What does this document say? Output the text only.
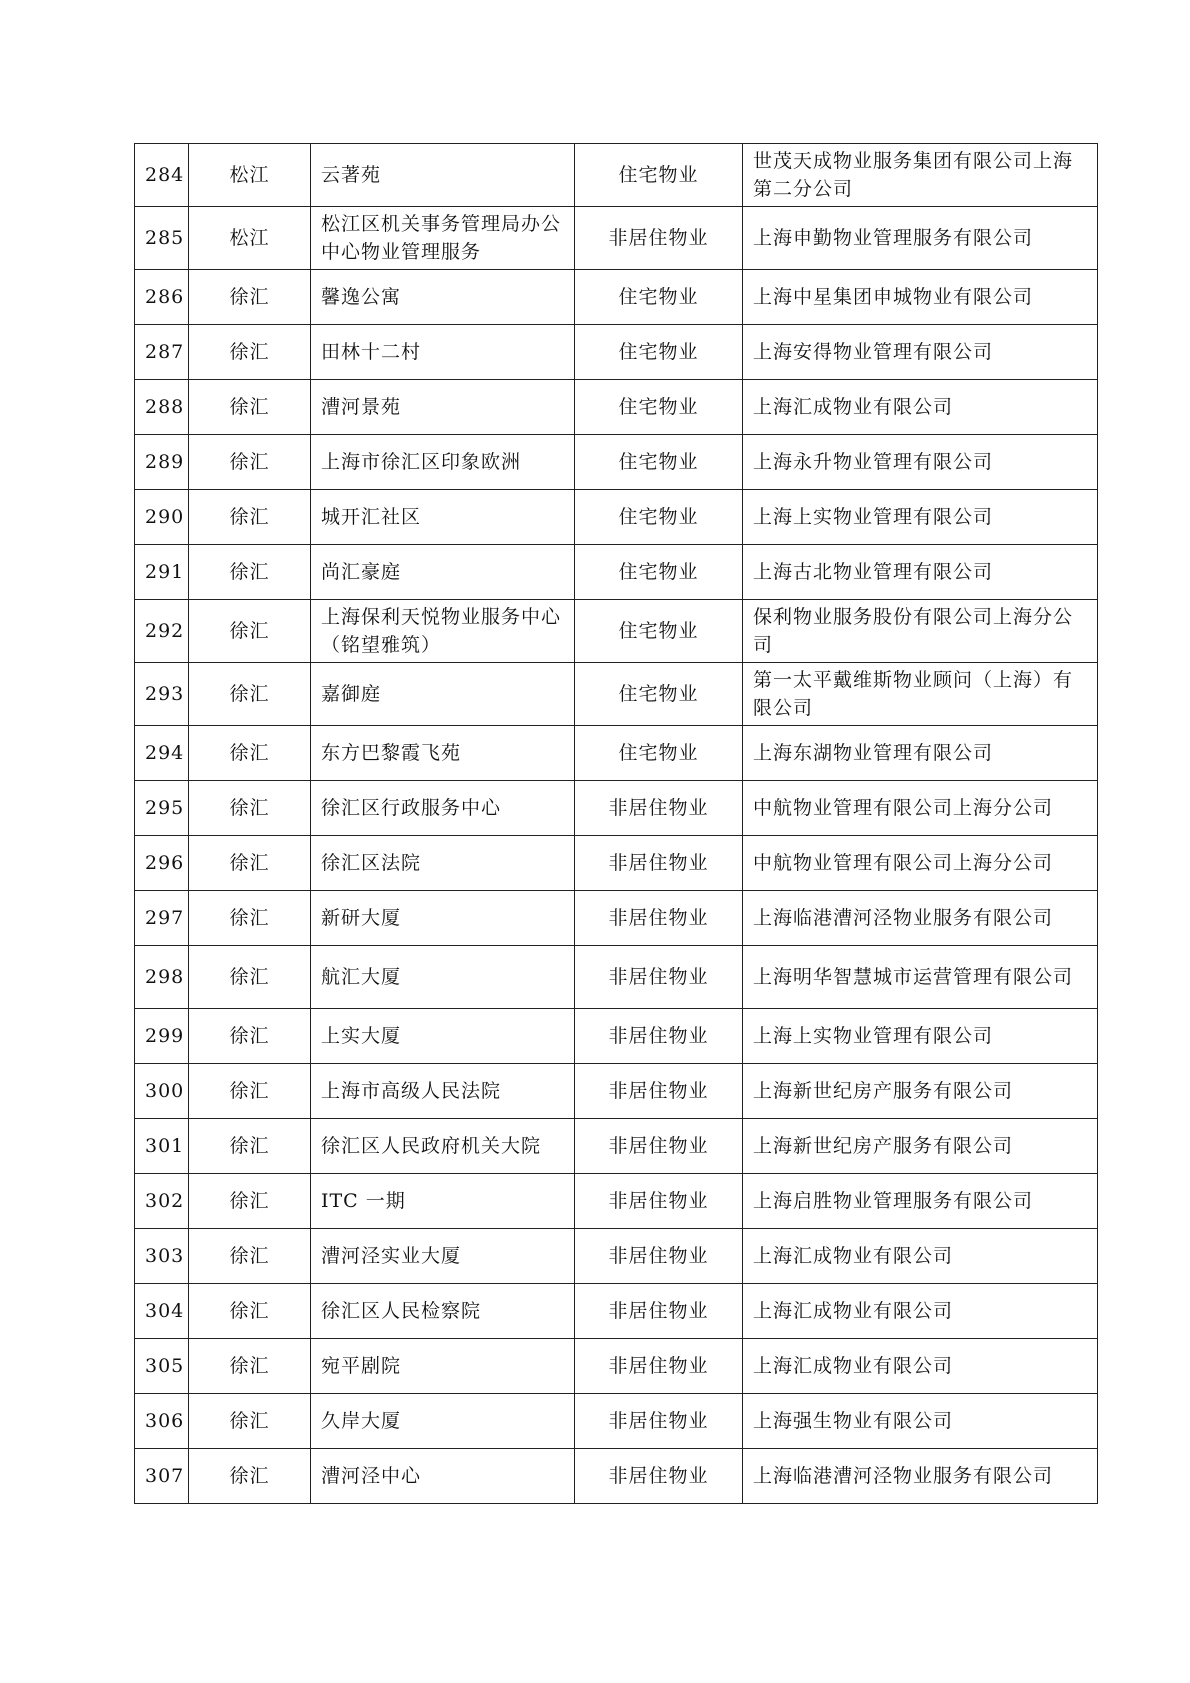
284	松江	云著苑	住宅物业	世茂天成物业服务集团有限公司上海第二分公司
285	松江	松江区机关事务管理局办公中心物业管理服务	非居住物业	上海申勤物业管理服务有限公司
286	徐汇	馨逸公寓	住宅物业	上海中星集团申城物业有限公司
287	徐汇	田林十二村	住宅物业	上海安得物业管理有限公司
288	徐汇	漕河景苑	住宅物业	上海汇成物业有限公司
289	徐汇	上海市徐汇区印象欧洲	住宅物业	上海永升物业管理有限公司
290	徐汇	城开汇社区	住宅物业	上海上实物业管理有限公司
291	徐汇	尚汇豪庭	住宅物业	上海古北物业管理有限公司
292	徐汇	上海保利天悦物业服务中心（铭望雅筑）	住宅物业	保利物业服务股份有限公司上海分公司
293	徐汇	嘉御庭	住宅物业	第一太平戴维斯物业顾问（上海）有限公司
294	徐汇	东方巴黎霞飞苑	住宅物业	上海东湖物业管理有限公司
295	徐汇	徐汇区行政服务中心	非居住物业	中航物业管理有限公司上海分公司
296	徐汇	徐汇区法院	非居住物业	中航物业管理有限公司上海分公司
297	徐汇	新研大厦	非居住物业	上海临港漕河泾物业服务有限公司
298	徐汇	航汇大厦	非居住物业	上海明华智慧城市运营管理有限公司
299	徐汇	上实大厦	非居住物业	上海上实物业管理有限公司
300	徐汇	上海市高级人民法院	非居住物业	上海新世纪房产服务有限公司
301	徐汇	徐汇区人民政府机关大院	非居住物业	上海新世纪房产服务有限公司
302	徐汇	ITC 一期	非居住物业	上海启胜物业管理服务有限公司
303	徐汇	漕河泾实业大厦	非居住物业	上海汇成物业有限公司
304	徐汇	徐汇区人民检察院	非居住物业	上海汇成物业有限公司
305	徐汇	宛平剧院	非居住物业	上海汇成物业有限公司
306	徐汇	久岸大厦	非居住物业	上海强生物业有限公司
307	徐汇	漕河泾中心	非居住物业	上海临港漕河泾物业服务有限公司
